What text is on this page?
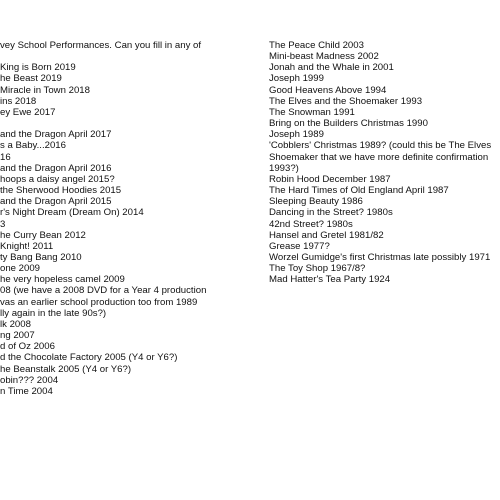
vey School Performances. Can you fill in any of
King is Born 2019
he Beast 2019
Miracle in Town 2018
ins 2018
ey Ewe 2017
and the Dragon April 2017
s a Baby...2016
16
and the Dragon April 2016
hoops a daisy angel 2015?
the Sherwood Hoodies 2015
and the Dragon April 2015
r's Night Dream (Dream On) 2014
3
he Curry Bean 2012
Knight! 2011
ty Bang Bang 2010
one 2009
he very hopeless camel 2009
08 (we have a 2008 DVD for a Year 4 production
vas an earlier school production too from 1989
lly again in the late 90s?)
lk 2008
ng 2007
d of Oz 2006
d the Chocolate Factory 2005 (Y4 or Y6?)
he Beanstalk 2005 (Y4 or Y6?)
obin??? 2004
n Time 2004
The Peace Child 2003
Mini-beast Madness 2002
Jonah and the Whale in 2001
Joseph 1999
Good Heavens Above 1994
The Elves and the Shoemaker 1993
The Snowman 1991
Bring on the Builders Christmas 1990
Joseph 1989
'Cobblers' Christmas 1989? (could this be The Elves
Shoemaker that we have more definite confirmation
1993?)
Robin Hood December 1987
The Hard Times of Old England April 1987
Sleeping Beauty 1986
Dancing in the Street? 1980s
42nd Street? 1980s
Hansel and Gretel 1981/82
Grease 1977?
Worzel Gumidge's first Christmas late possibly 1971
The Toy Shop 1967/8?
Mad Hatter's Tea Party 1924
